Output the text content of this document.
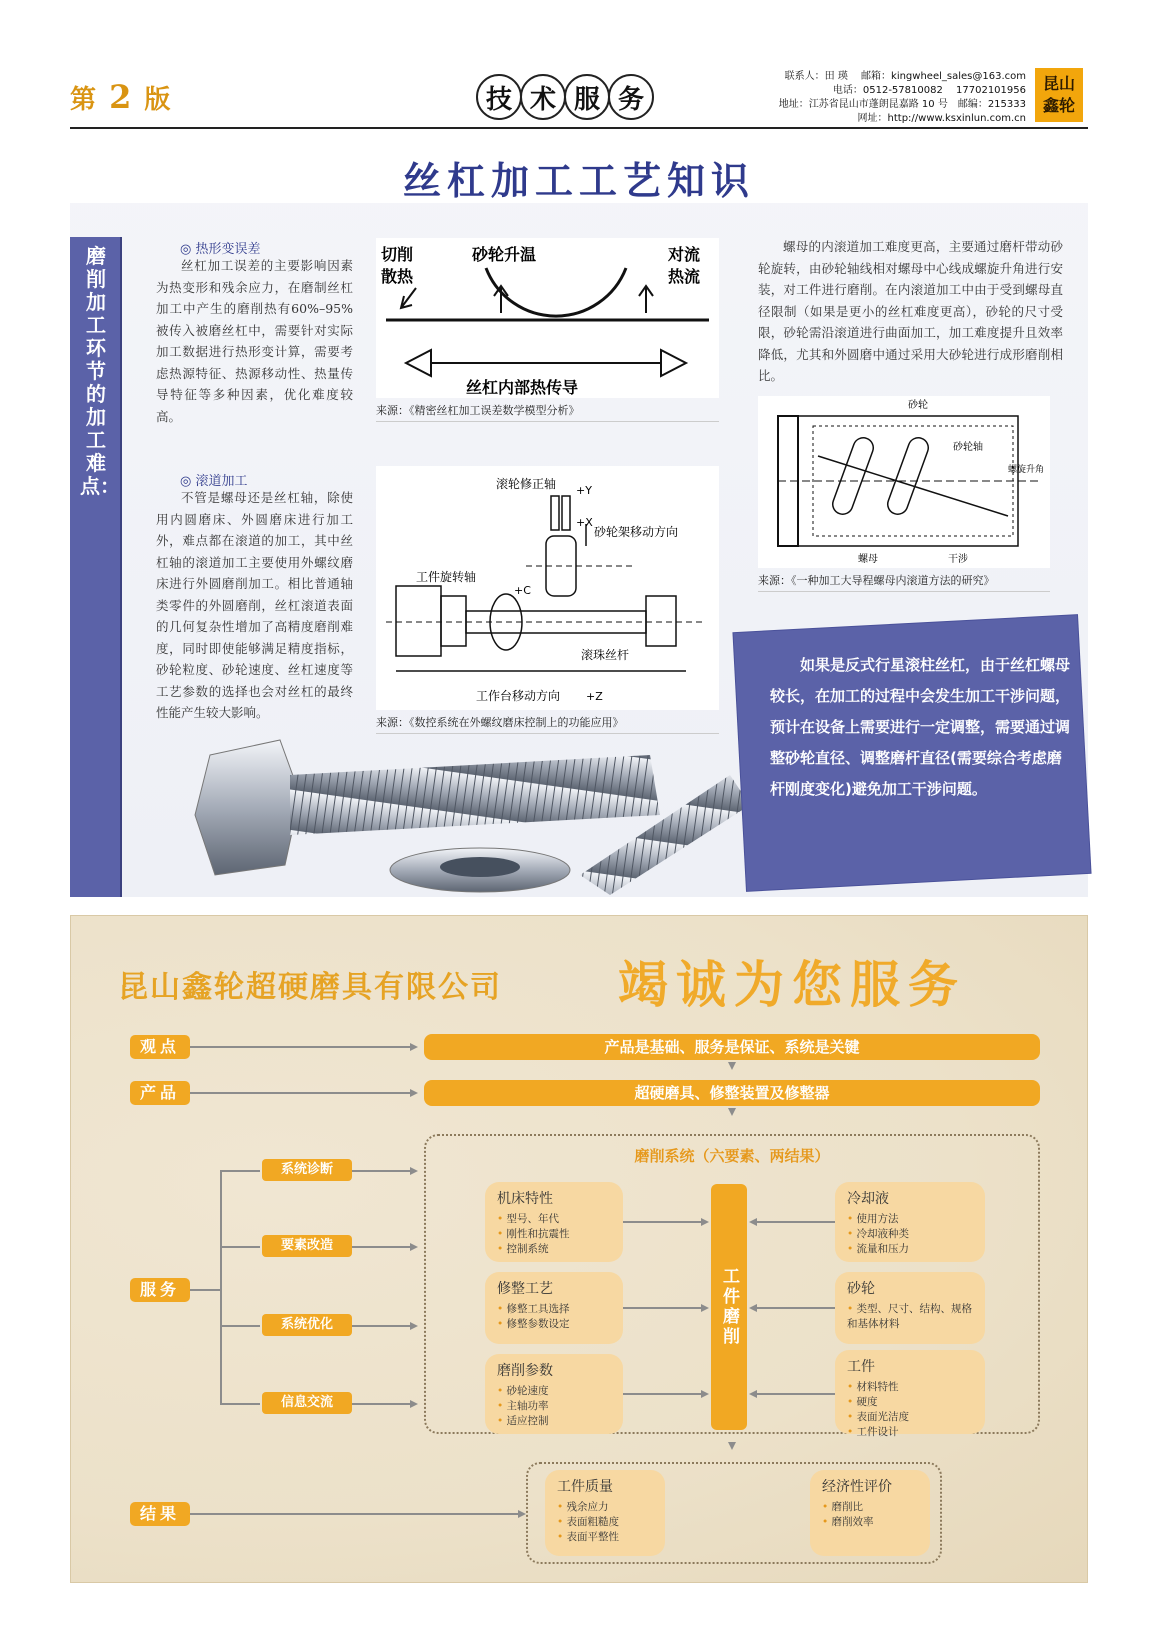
第 2 版	技 术 服 务
联系人：田 瑛　 邮箱：kingwheel_sales@163.com
电话：0512-57810082　 17702101956
地址：江苏省昆山市蓬朗昆嘉路 10 号　邮编：215333
网址：http://www.ksxinlun.com.cn
昆山
鑫轮
丝杠加工工艺知识
磨削加工环节的加工难点：
◎ 热形变误差
丝杠加工误差的主要影响因素为热变形和残余应力，在磨制丝杠加工中产生的磨削热有60%–95%被传入被磨丝杠中，需要针对实际加工数据进行热形变计算，需要考虑热源特征、热源移动性、热量传导特征等多种因素，优化难度较高。
◎ 滚道加工
不管是螺母还是丝杠轴，除使用内圆磨床、外圆磨床进行加工外，难点都在滚道的加工，其中丝杠轴的滚道加工主要使用外螺纹磨床进行外圆磨削加工。相比普通轴类零件的外圆磨削，丝杠滚道表面的几何复杂性增加了高精度磨削难度，同时即使能够满足精度指标，砂轮粒度、砂轮速度、丝杠速度等工艺参数的选择也会对丝杠的最终性能产生较大影响。
切削
散热
砂轮升温	对流
热流
丝杠内部热传导
来源：《精密丝杠加工误差数学模型分析》
滚轮修正轴 +Y
+X
砂轮架移动方向
工件旋转轴
+C
滚珠丝杆
工作台移动方向 +Z
来源：《数控系统在外螺纹磨床控制上的功能应用》
螺母的内滚道加工难度更高，主要通过磨杆带动砂轮旋转，由砂轮轴线相对螺母中心线成螺旋升角进行安装，对工件进行磨削。在内滚道加工中由于受到螺母直径限制（如果是更小的丝杠难度更高），砂轮的尺寸受限，砂轮需沿滚道进行曲面加工，加工难度提升且效率降低，尤其和外圆磨中通过采用大砂轮进行成形磨削相比。
砂轮
砂轮轴
螺旋升角
螺母	干涉
来源：《一种加工大导程螺母内滚道方法的研究》
如果是反式行星滚柱丝杠，由于丝杠螺母较长，在加工的过程中会发生加工干涉问题，预计在设备上需要进行一定调整，需要通过调整砂轮直径、调整磨杆直径(需要综合考虑磨杆刚度变化)避免加工干涉问题。
昆山鑫轮超硬磨具有限公司 竭诚为您服务
观点	产品是基础、服务是保证、系统是关键
产品	超硬磨具、修整装置及修整器
磨削系统（六要素、两结果）
服务
系统诊断
要素改造
系统优化
信息交流
机床特性
• 型号、年代
• 刚性和抗震性
• 控制系统
修整工艺
• 修整工具选择
• 修整参数设定
磨削参数
• 砂轮速度
• 主轴功率
• 适应控制
工件磨削
冷却液
• 使用方法
• 冷却液种类
• 流量和压力
砂轮
• 类型、尺寸、结构、规格和基体材料
工件
• 材料特性
• 硬度
• 表面光洁度
• 工件设计
结果
工件质量
• 残余应力
• 表面粗糙度
• 表面平整性
经济性评价
• 磨削比
• 磨削效率
